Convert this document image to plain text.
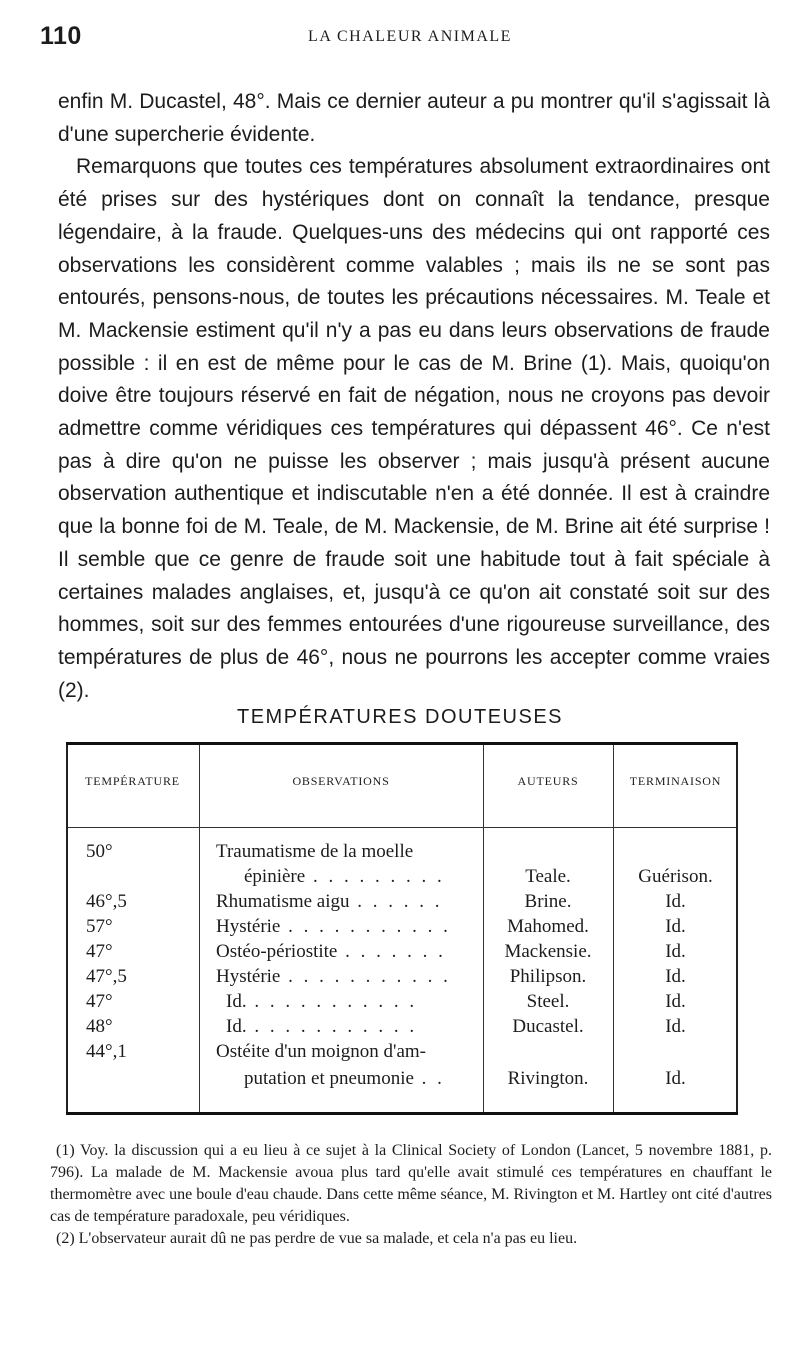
110	LA CHALEUR ANIMALE

enfin M. Ducastel, 48°. Mais ce dernier auteur a pu montrer qu'il s'agissait là d'une supercherie évidente.

Remarquons que toutes ces températures absolument extraordinaires ont été prises sur des hystériques dont on connaît la tendance, presque légendaire, à la fraude. Quelques-uns des médecins qui ont rapporté ces observations les considèrent comme valables ; mais ils ne se sont pas entourés, pensons-nous, de toutes les précautions nécessaires. M. Teale et M. Mackensie estiment qu'il n'y a pas eu dans leurs observations de fraude possible : il en est de même pour le cas de M. Brine (1). Mais, quoiqu'on doive être toujours réservé en fait de négation, nous ne croyons pas devoir admettre comme véridiques ces températures qui dépassent 46°. Ce n'est pas à dire qu'on ne puisse les observer ; mais jusqu'à présent aucune observation authentique et indiscutable n'en a été donnée. Il est à craindre que la bonne foi de M. Teale, de M. Mackensie, de M. Brine ait été surprise ! Il semble que ce genre de fraude soit une habitude tout à fait spéciale à certaines malades anglaises, et, jusqu'à ce qu'on ait constaté soit sur des hommes, soit sur des femmes entourées d'une rigoureuse surveillance, des températures de plus de 46°, nous ne pourrons les accepter comme vraies (2).

TEMPÉRATURES DOUTEUSES
TEMPÉRATURE	OBSERVATIONS	AUTEURS	TERMINAISON
50°	Traumatisme de la moelle
épinière . . . . . . . . .	Teale.	Guérison.
46°,5	Rhumatisme aigu . . . . . .	Brine.	Id.
57°	Hystérie . . . . . . . . . . .	Mahomed.	Id.
47°	Ostéo-périostite . . . . . . .	Mackensie.	Id.
47°,5	Hystérie . . . . . . . . . . .	Philipson.	Id.
47°	Id. . . . . . . . . . . .	Steel.	Id.
48°	Id. . . . . . . . . . . .	Ducastel.	Id.
44°,1	Ostéite d'un moignon d'am-
putation et pneumonie . .	Rivington.	Id.

(1) Voy. la discussion qui a eu lieu à ce sujet à la Clinical Society of London (Lancet, 5 novembre 1881, p. 796). La malade de M. Mackensie avoua plus tard qu'elle avait stimulé ces températures en chauffant le thermomètre avec une boule d'eau chaude. Dans cette même séance, M. Rivington et M. Hartley ont cité d'autres cas de température paradoxale, peu véridiques.

(2) L'observateur aurait dû ne pas perdre de vue sa malade, et cela n'a pas eu lieu.
